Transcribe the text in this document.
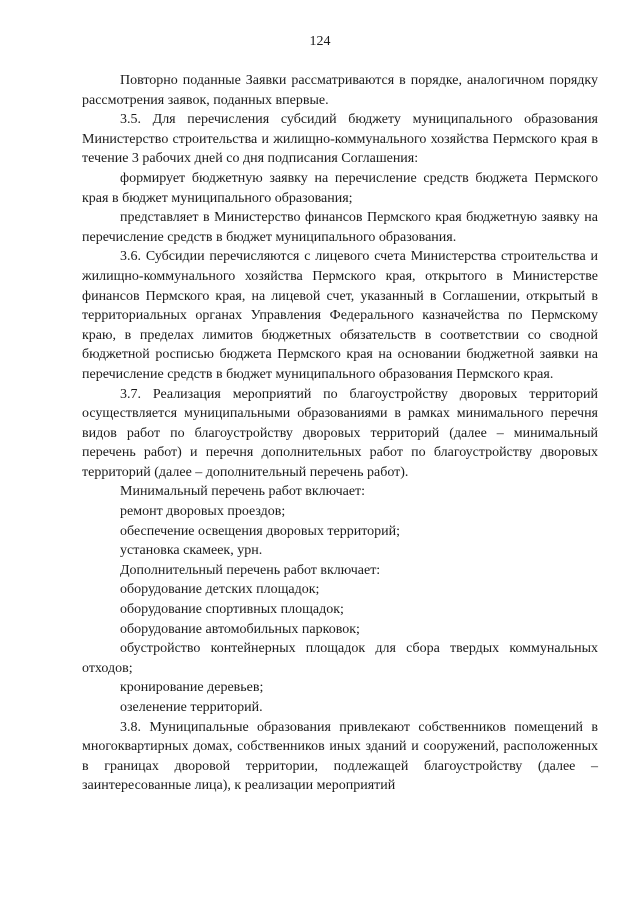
124

Повторно поданные Заявки рассматриваются в порядке, аналогичном порядку рассмотрения заявок, поданных впервые.

3.5. Для перечисления субсидий бюджету муниципального образования Министерство строительства и жилищно-коммунального хозяйства Пермского края в течение 3 рабочих дней со дня подписания Соглашения:

формирует бюджетную заявку на перечисление средств бюджета Пермского края в бюджет муниципального образования;

представляет в Министерство финансов Пермского края бюджетную заявку на перечисление средств в бюджет муниципального образования.

3.6. Субсидии перечисляются с лицевого счета Министерства строительства и жилищно-коммунального хозяйства Пермского края, открытого в Министерстве финансов Пермского края, на лицевой счет, указанный в Соглашении, открытый в территориальных органах Управления Федерального казначейства по Пермскому краю, в пределах лимитов бюджетных обязательств в соответствии со сводной бюджетной росписью бюджета Пермского края на основании бюджетной заявки на перечисление средств в бюджет муниципального образования Пермского края.

3.7. Реализация мероприятий по благоустройству дворовых территорий осуществляется муниципальными образованиями в рамках минимального перечня видов работ по благоустройству дворовых территорий (далее – минимальный перечень работ) и перечня дополнительных работ по благоустройству дворовых территорий (далее – дополнительный перечень работ).

Минимальный перечень работ включает:

ремонт дворовых проездов;

обеспечение освещения дворовых территорий;

установка скамеек, урн.

Дополнительный перечень работ включает:

оборудование детских площадок;

оборудование спортивных площадок;

оборудование автомобильных парковок;

обустройство контейнерных площадок для сбора твердых коммунальных отходов;

кронирование деревьев;

озеленение территорий.

3.8. Муниципальные образования привлекают собственников помещений в многоквартирных домах, собственников иных зданий и сооружений, расположенных в границах дворовой территории, подлежащей благоустройству (далее – заинтересованные лица), к реализации мероприятий
